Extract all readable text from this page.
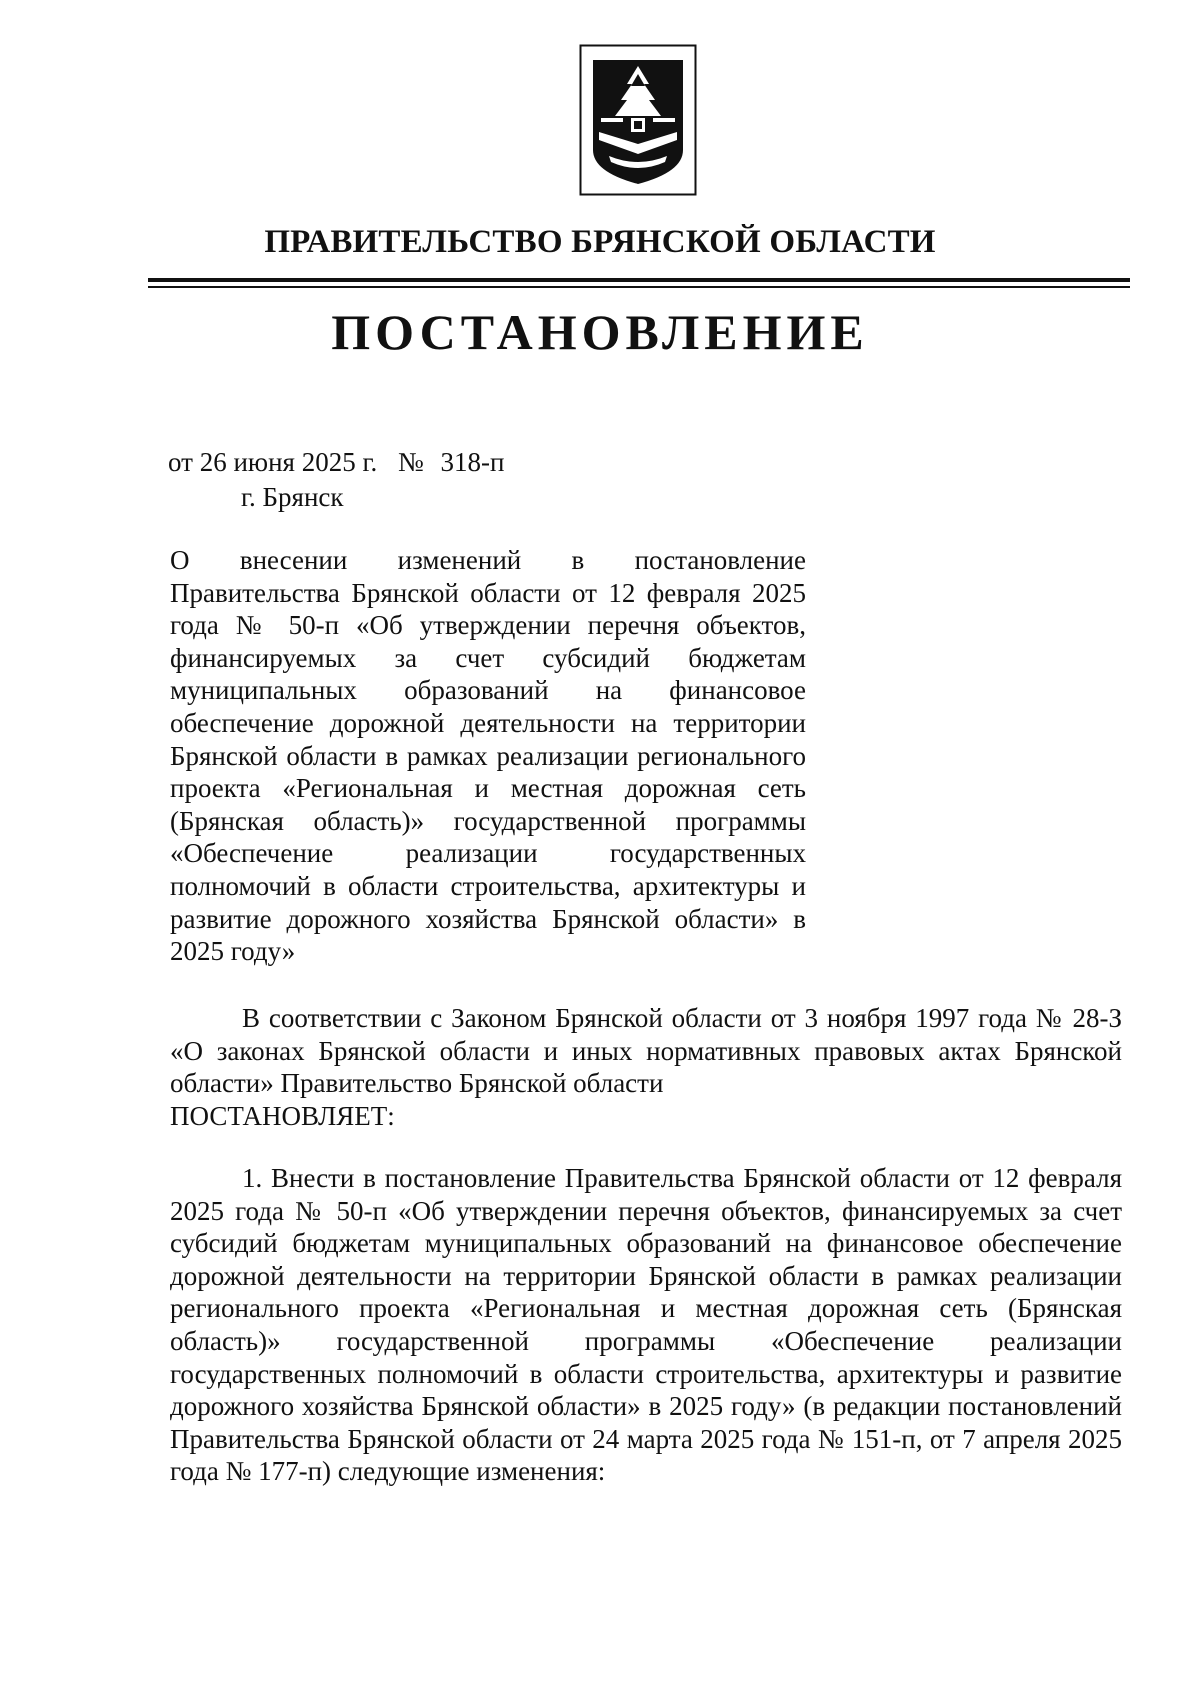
ПРАВИТЕЛЬСТВО БРЯНСКОЙ ОБЛАСТИ
ПОСТАНОВЛЕНИЕ
от 26 июня 2025 г. № 318-п
г. Брянск
О внесении изменений в постановление Правительства Брянской области от 12 февраля 2025 года № 50-п «Об утверждении перечня объектов, финансируемых за счет субсидий бюджетам муниципальных образований на финансовое обеспечение дорожной деятельности на территории Брянской области в рамках реализации регионального проекта «Региональная и местная дорожная сеть (Брянская область)» государственной программы «Обеспечение реализации государственных полномочий в области строительства, архитектуры и развитие дорожного хозяйства Брянской области» в 2025 году»
В соответствии с Законом Брянской области от 3 ноября 1997 года № 28-З «О законах Брянской области и иных нормативных правовых актах Брянской области» Правительство Брянской области
ПОСТАНОВЛЯЕТ:
1. Внести в постановление Правительства Брянской области от 12 февраля 2025 года № 50-п «Об утверждении перечня объектов, финансируемых за счет субсидий бюджетам муниципальных образований на финансовое обеспечение дорожной деятельности на территории Брянской области в рамках реализации регионального проекта «Региональная и местная дорожная сеть (Брянская область)» государственной программы «Обеспечение реализации государственных полномочий в области строительства, архитектуры и развитие дорожного хозяйства Брянской области» в 2025 году» (в редакции постановлений Правительства Брянской области от 24 марта 2025 года № 151-п, от 7 апреля 2025 года № 177-п) следующие изменения:
